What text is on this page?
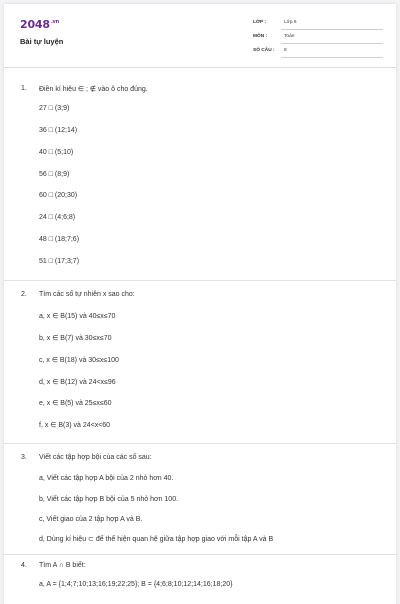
$2048^{.vn}$
Bài tự luyện
LỚP :	Lớp 6
MÔN :	Toán
SỐ CÂU : 8
1. Điền kí hiệu ∈ ; ∉ vào ô cho đúng.
27 □ (3;9)
36 □ (12;14)
40 □ (5;10)
56 □ (8;9)
60 □ (20;30)
24 □ (4;6;8)
48 □ (18;7;6)
51 □ (17;3;7)
2. Tìm các số tự nhiên x sao cho:
a, x ∈ B(15) và 40≤x≤70
b, x ∈ B(7) và 30≤x≤70
c, x ∈ B(18) và 30≤x≤100
d, x ∈ B(12) và 24<x≤96
e, x ∈ B(5) và 25≤x≤60
f, x ∈ B(3) và 24<x<60
3. Viết các tập hợp bội của các số sau:
a, Viết các tập hợp A bội của 2 nhỏ hơn 40.
b, Viết các tập hợp B bội của 5 nhỏ hơn 100.
c, Viết giao của 2 tập hợp A và B.
d, Dùng kí hiệu ⊂ để thể hiện quan hệ giữa tập hợp giao với mỗi tập A và B
4. Tìm A ∩ B biết:
a, A = {1;4;7;10;13;16;19;22;25}; B = {4;6;8;10;12;14;16;18;20}
